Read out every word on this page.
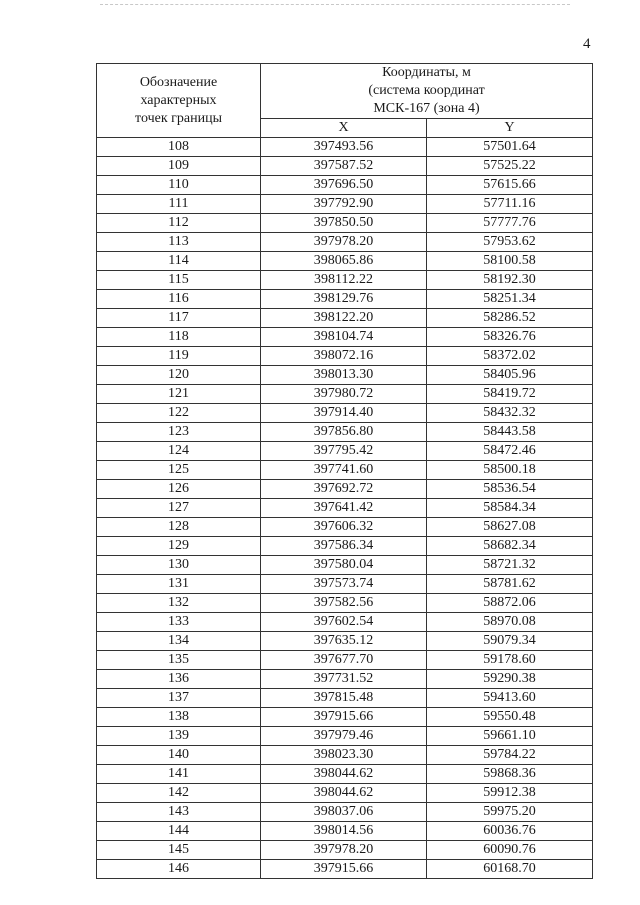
4
Обозначение
характерных
точек границы	Координаты, м
(система координат
МСК-167 (зона 4)	

	X	Y
108	397493.56	57501.64
109	397587.52	57525.22
110	397696.50	57615.66
111	397792.90	57711.16
112	397850.50	57777.76
113	397978.20	57953.62
114	398065.86	58100.58
115	398112.22	58192.30
116	398129.76	58251.34
117	398122.20	58286.52
118	398104.74	58326.76
119	398072.16	58372.02
120	398013.30	58405.96
121	397980.72	58419.72
122	397914.40	58432.32
123	397856.80	58443.58
124	397795.42	58472.46
125	397741.60	58500.18
126	397692.72	58536.54
127	397641.42	58584.34
128	397606.32	58627.08
129	397586.34	58682.34
130	397580.04	58721.32
131	397573.74	58781.62
132	397582.56	58872.06
133	397602.54	58970.08
134	397635.12	59079.34
135	397677.70	59178.60
136	397731.52	59290.38
137	397815.48	59413.60
138	397915.66	59550.48
139	397979.46	59661.10
140	398023.30	59784.22
141	398044.62	59868.36
142	398044.62	59912.38
143	398037.06	59975.20
144	398014.56	60036.76
145	397978.20	60090.76
146	397915.66	60168.70
